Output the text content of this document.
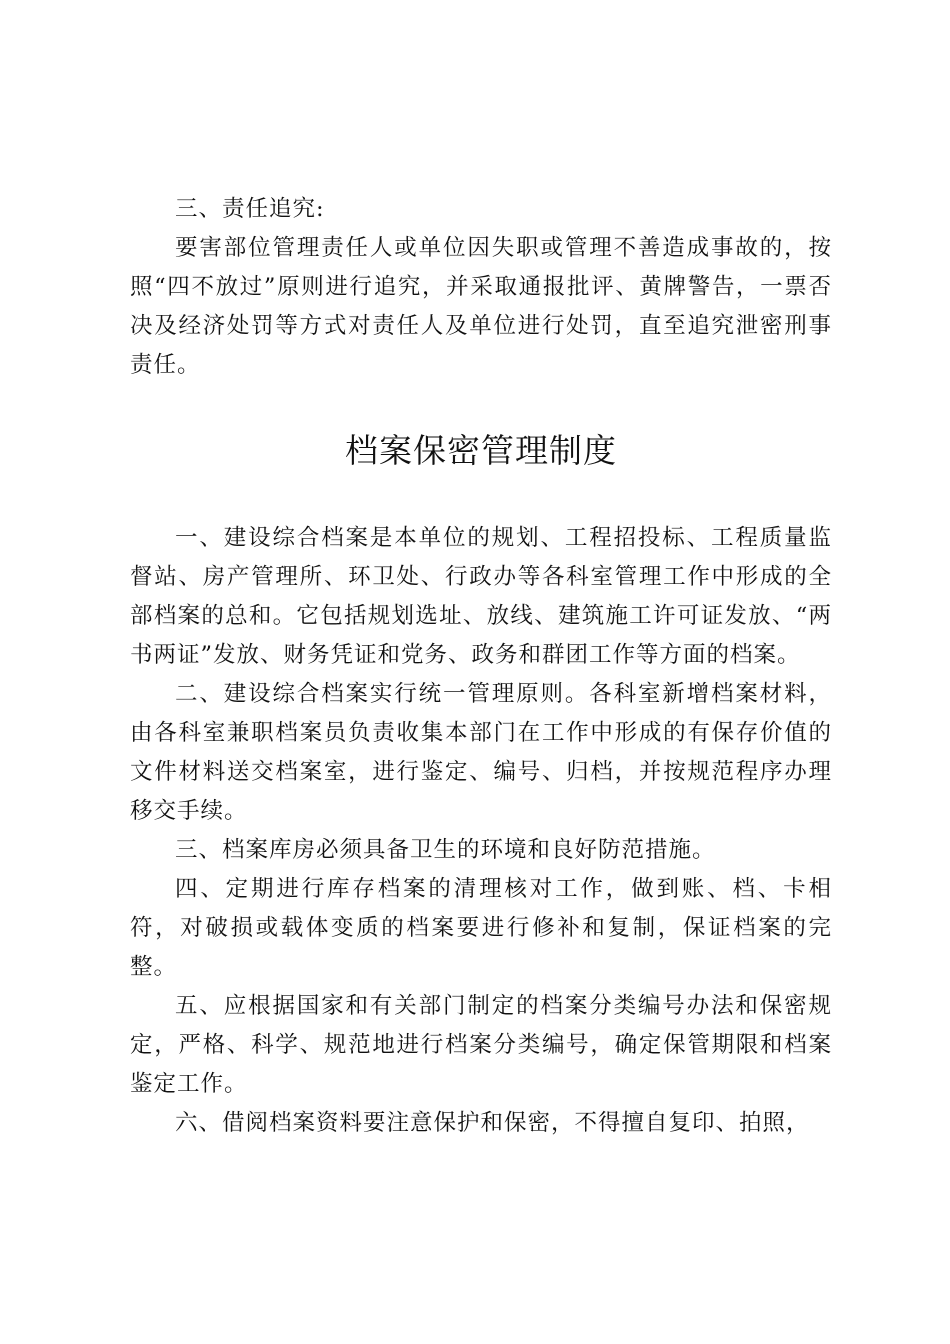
三、责任追究:

要害部位管理责任人或单位因失职或管理不善造成事故的，按照“四不放过”原则进行追究，并采取通报批评、黄牌警告，一票否决及经济处罚等方式对责任人及单位进行处罚，直至追究泄密刑事责任。

档案保密管理制度

一、建设综合档案是本单位的规划、工程招投标、工程质量监督站、房产管理所、环卫处、行政办等各科室管理工作中形成的全部档案的总和。它包括规划选址、放线、建筑施工许可证发放、“两书两证”发放、财务凭证和党务、政务和群团工作等方面的档案。

二、建设综合档案实行统一管理原则。各科室新增档案材料，由各科室兼职档案员负责收集本部门在工作中形成的有保存价值的文件材料送交档案室，进行鉴定、编号、归档，并按规范程序办理移交手续。

三、档案库房必须具备卫生的环境和良好防范措施。

四、定期进行库存档案的清理核对工作，做到账、档、卡相符，对破损或载体变质的档案要进行修补和复制，保证档案的完整。

五、应根据国家和有关部门制定的档案分类编号办法和保密规定，严格、科学、规范地进行档案分类编号，确定保管期限和档案鉴定工作。

六、借阅档案资料要注意保护和保密，不得擅自复印、拍照，
